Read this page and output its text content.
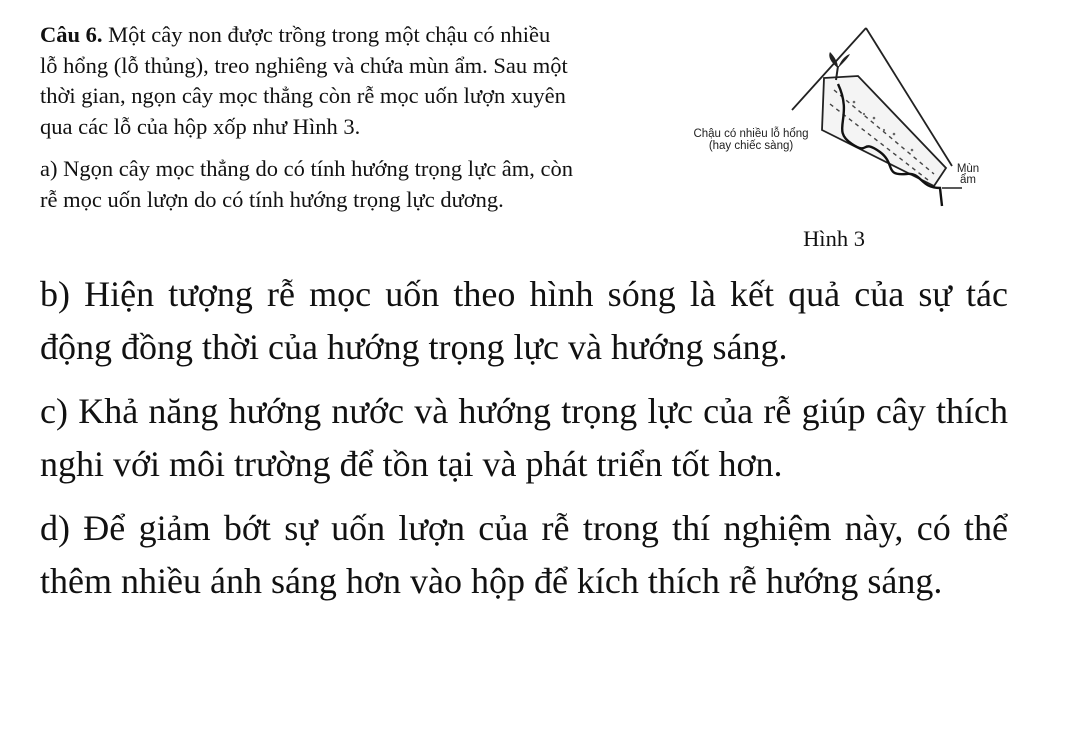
Câu 6. Một cây non được trồng trong một chậu có nhiều
lỗ hổng (lỗ thủng), treo nghiêng và chứa mùn ẩm. Sau một
thời gian, ngọn cây mọc thẳng còn rễ mọc uốn lượn xuyên
qua các lỗ của hộp xốp như Hình 3.

a) Ngọn cây mọc thẳng do có tính hướng trọng lực âm, còn
rễ mọc uốn lượn do có tính hướng trọng lực dương.

Chậu có nhiều lỗ hổng
(hay chiếc sàng)
Mùn
ẩm
Hình 3

b) Hiện tượng rễ mọc uốn theo hình sóng là kết quả của sự tác động đồng thời của hướng trọng lực và hướng sáng.

c) Khả năng hướng nước và hướng trọng lực của rễ giúp cây thích nghi với môi trường để tồn tại và phát triển tốt hơn.

d) Để giảm bớt sự uốn lượn của rễ trong thí nghiệm này, có thể thêm nhiều ánh sáng hơn vào hộp để kích thích rễ hướng sáng.
